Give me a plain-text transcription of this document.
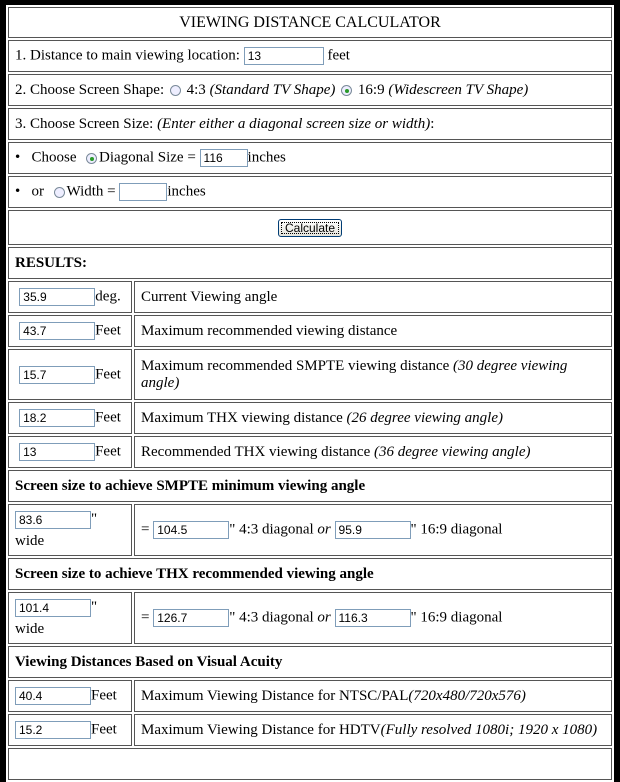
VIEWING DISTANCE CALCULATOR	
1. Distance to main viewing location: 13 feet
2. Choose Screen Shape: 4:3 (Standard TV Shape) 16:9 (Widescreen TV Shape)	
3. Choose Screen Size: (Enter either a diagonal screen size or width):	
• Choose Diagonal Size = 116 inches
• or Width = inches	
Calculate	
RESULTS:	
35.9deg.	Current Viewing angle
43.7Feet	Maximum recommended viewing distance
15.7Feet	Maximum recommended SMPTE viewing distance (30 degree viewing angle)
18.2Feet	Maximum THX viewing distance (26 degree viewing angle)
13Feet	Recommended THX viewing distance (36 degree viewing angle)
Screen size to achieve SMPTE minimum viewing angle	
83.6"
wide	= 104.5 " 4:3 diagonal or 95.9 " 16:9 diagonal
Screen size to achieve THX recommended viewing angle	
101.4"
wide	= 126.7 " 4:3 diagonal or 116.3 " 16:9 diagonal
Viewing Distances Based on Visual Acuity	
40.4Feet	Maximum Viewing Distance for NTSC/PAL(720x480/720x576)
15.2Feet	Maximum Viewing Distance for HDTV(Fully resolved 1080i; 1920 x 1080)
